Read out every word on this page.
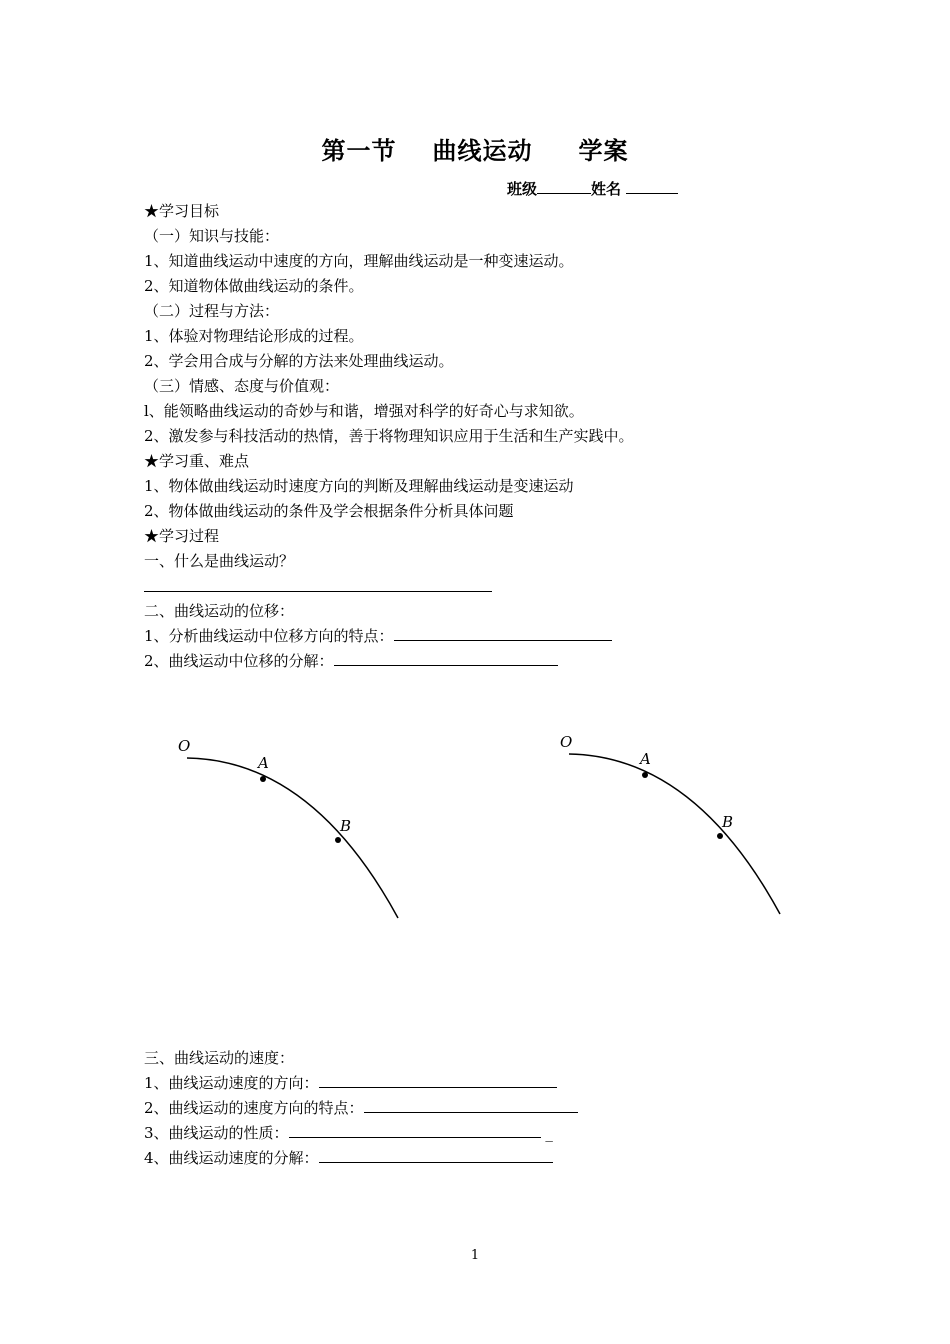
第一节 曲线运动 学案
班级	姓名
★学习目标
（一）知识与技能：
1、知道曲线运动中速度的方向，理解曲线运动是一种变速运动。
2、知道物体做曲线运动的条件。
（二）过程与方法：
1、体验对物理结论形成的过程。
2、学会用合成与分解的方法来处理曲线运动。
（三）情感、态度与价值观：
l、能领略曲线运动的奇妙与和谐，增强对科学的好奇心与求知欲。
2、激发参与科技活动的热情，善于将物理知识应用于生活和生产实践中。
★学习重、难点
1、物体做曲线运动时速度方向的判断及理解曲线运动是变速运动
2、物体做曲线运动的条件及学会根据条件分析具体问题
★学习过程
一、什么是曲线运动？
二、曲线运动的位移：
1、分析曲线运动中位移方向的特点：
2、曲线运动中位移的分解：
O
A
B
O
A
B
三、曲线运动的速度：
1、曲线运动速度的方向：
2、曲线运动的速度方向的特点：
3、曲线运动的性质：	_
4、曲线运动速度的分解：
1
